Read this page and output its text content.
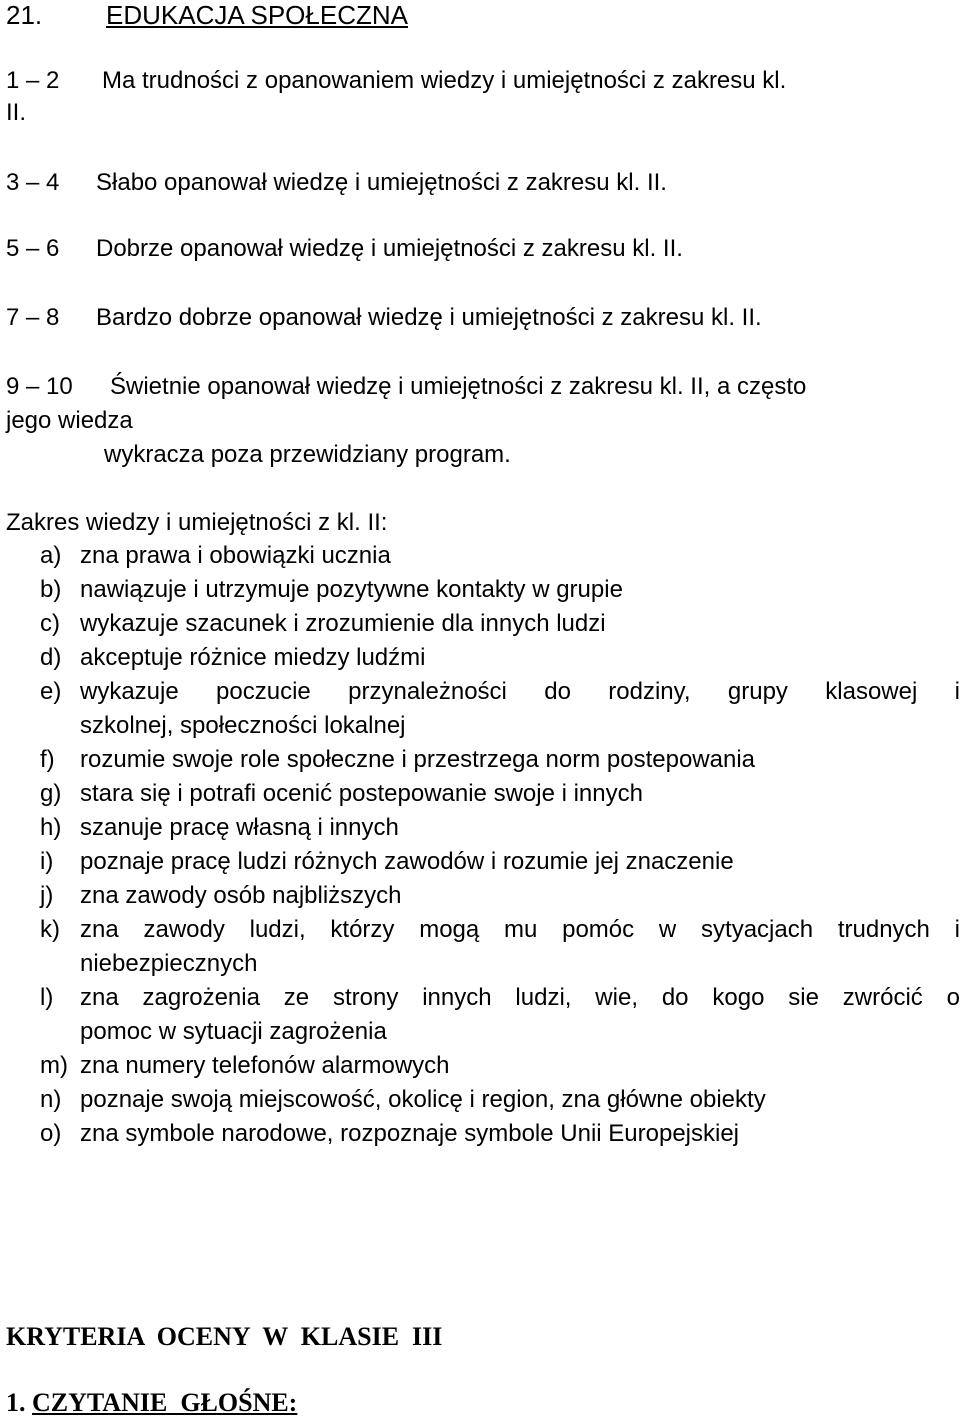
21. EDUKACJA SPOŁECZNA
1 – 2 Ma trudności z opanowaniem wiedzy i umiejętności z zakresu kl.
II.
3 – 4 Słabo opanował wiedzę i umiejętności z zakresu kl. II.
5 – 6 Dobrze opanował wiedzę i umiejętności z zakresu kl. II.
7 – 8 Bardzo dobrze opanował wiedzę i umiejętności z zakresu kl. II.
9 – 10 Świetnie opanował wiedzę i umiejętności z zakresu kl. II, a często
jego wiedza
wykracza poza przewidziany program.
Zakres wiedzy i umiejętności z kl. II:
a) zna prawa i obowiązki ucznia
b) nawiązuje i utrzymuje pozytywne kontakty w grupie
c) wykazuje szacunek i zrozumienie dla innych ludzi
d) akceptuje różnice miedzy ludźmi
e) wykazuje poczucie przynależności do rodziny, grupy klasowej i
szkolnej, społeczności lokalnej
f) rozumie swoje role społeczne i przestrzega norm postepowania
g) stara się i potrafi ocenić postepowanie swoje i innych
h) szanuje pracę własną i innych
i) poznaje pracę ludzi różnych zawodów i rozumie jej znaczenie
j) zna zawody osób najbliższych
k) zna zawody ludzi, którzy mogą mu pomóc w sytyacjach trudnych i
niebezpiecznych
l) zna zagrożenia ze strony innych ludzi, wie, do kogo sie zwrócić o
pomoc w sytuacji zagrożenia
m) zna numery telefonów alarmowych
n) poznaje swoją miejscowość, okolicę i region, zna główne obiekty
o) zna symbole narodowe, rozpoznaje symbole Unii Europejskiej
KRYTERIA  OCENY  W  KLASIE  III
1. CZYTANIE  GŁOŚNE:
